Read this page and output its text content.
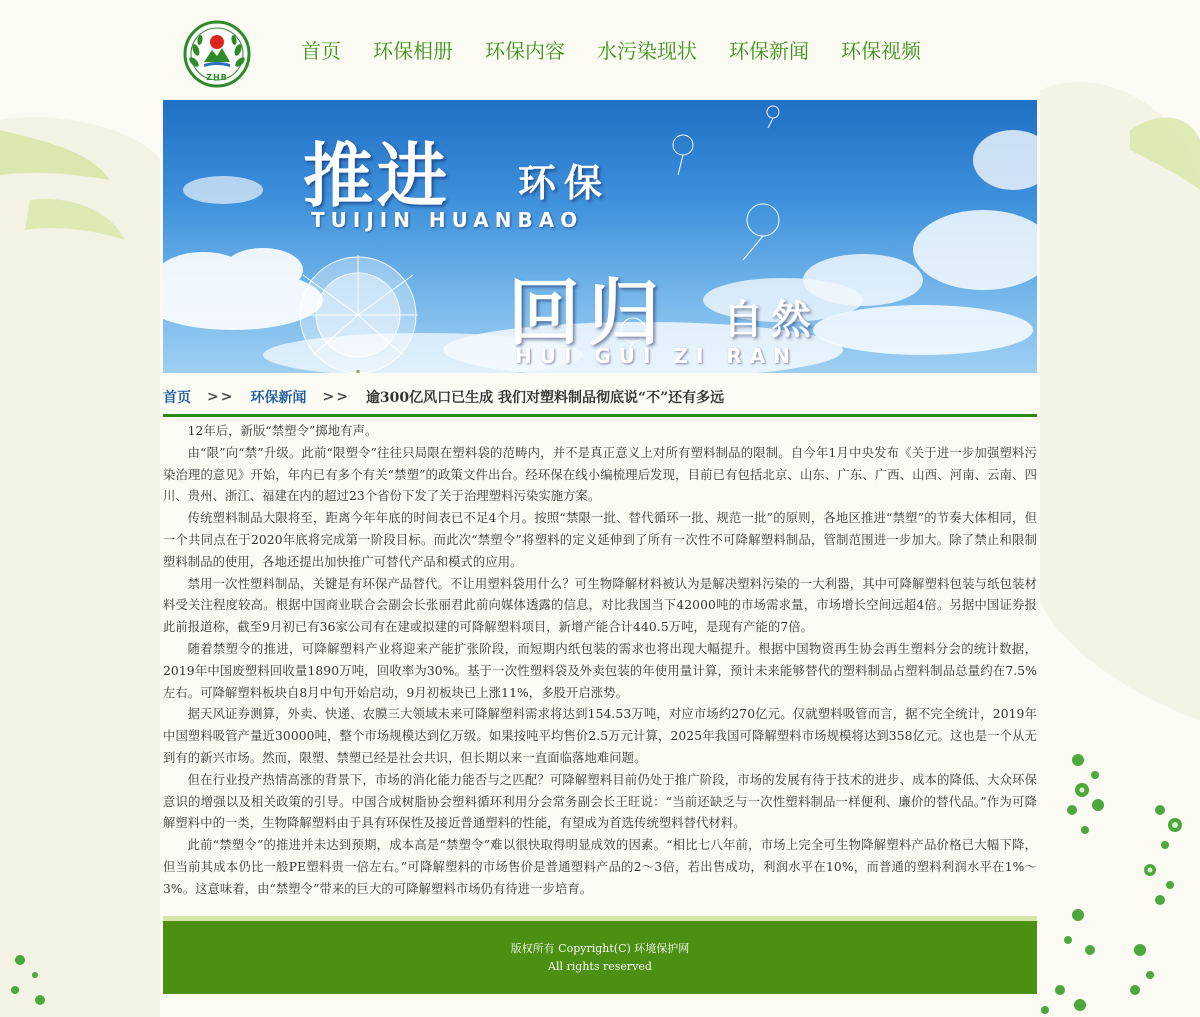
ZHB
首页 环保相册 环保内容 水污染现状 环保新闻 环保视频
推进 环保
TUIJIN HUANBAO
回归 自然
HUI GUI ZI RAN
首页 >> 环保新闻 >> 逾300亿风口已生成 我们对塑料制品彻底说“不”还有多远

12年后，新版“禁塑令”掷地有声。

由“限”向“禁”升级。此前“限塑令”往往只局限在塑料袋的范畴内，并不是真正意义上对所有塑料制品的限制。自今年1月中央发布《关于进一步加强塑料污染治理的意见》开始，年内已有多个有关“禁塑”的政策文件出台。经环保在线小编梳理后发现，目前已有包括北京、山东、广东、广西、山西、河南、云南、四川、贵州、浙江、福建在内的超过23个省份下发了关于治理塑料污染实施方案。

传统塑料制品大限将至，距离今年年底的时间表已不足4个月。按照“禁限一批、替代循环一批、规范一批”的原则，各地区推进“禁塑”的节奏大体相同，但一个共同点在于2020年底将完成第一阶段目标。而此次“禁塑令”将塑料的定义延伸到了所有一次性不可降解塑料制品，管制范围进一步加大。除了禁止和限制塑料制品的使用，各地还提出加快推广可替代产品和模式的应用。

禁用一次性塑料制品，关键是有环保产品替代。不让用塑料袋用什么？可生物降解材料被认为是解决塑料污染的一大利器，其中可降解塑料包装与纸包装材料受关注程度较高。根据中国商业联合会副会长张丽君此前向媒体透露的信息，对比我国当下42000吨的市场需求量，市场增长空间远超4倍。另据中国证券报此前报道称，截至9月初已有36家公司有在建或拟建的可降解塑料项目，新增产能合计440.5万吨，是现有产能的7倍。

随着禁塑令的推进，可降解塑料产业将迎来产能扩张阶段，而短期内纸包装的需求也将出现大幅提升。根据中国物资再生协会再生塑料分会的统计数据，2019年中国废塑料回收量1890万吨，回收率为30%。基于一次性塑料袋及外卖包装的年使用量计算，预计未来能够替代的塑料制品占塑料制品总量约在7.5%左右。可降解塑料板块自8月中旬开始启动，9月初板块已上涨11%，多股开启涨势。

据天风证券测算，外卖、快递、农膜三大领域未来可降解塑料需求将达到154.53万吨，对应市场约270亿元。仅就塑料吸管而言，据不完全统计，2019年中国塑料吸管产量近30000吨，整个市场规模达到亿万级。如果按吨平均售价2.5万元计算，2025年我国可降解塑料市场规模将达到358亿元。这也是一个从无到有的新兴市场。然而，限塑、禁塑已经是社会共识，但长期以来一直面临落地难问题。

但在行业投产热情高涨的背景下，市场的消化能力能否与之匹配？可降解塑料目前仍处于推广阶段，市场的发展有待于技术的进步、成本的降低、大众环保意识的增强以及相关政策的引导。中国合成树脂协会塑料循环利用分会常务副会长王旺说：“当前还缺乏与一次性塑料制品一样便利、廉价的替代品。”作为可降解塑料中的一类，生物降解塑料由于具有环保性及接近普通塑料的性能，有望成为首选传统塑料替代材料。

此前“禁塑令”的推进并未达到预期，成本高是“禁塑令”难以很快取得明显成效的因素。“相比七八年前，市场上完全可生物降解塑料产品价格已大幅下降，但当前其成本仍比一般PE塑料贵一倍左右。”可降解塑料的市场售价是普通塑料产品的2～3倍，若出售成功，利润水平在10%，而普通的塑料利润水平在1%～3%。这意味着，由“禁塑令”带来的巨大的可降解塑料市场仍有待进一步培育。

版权所有 Copyright(C) 环境保护网
All rights reserved
